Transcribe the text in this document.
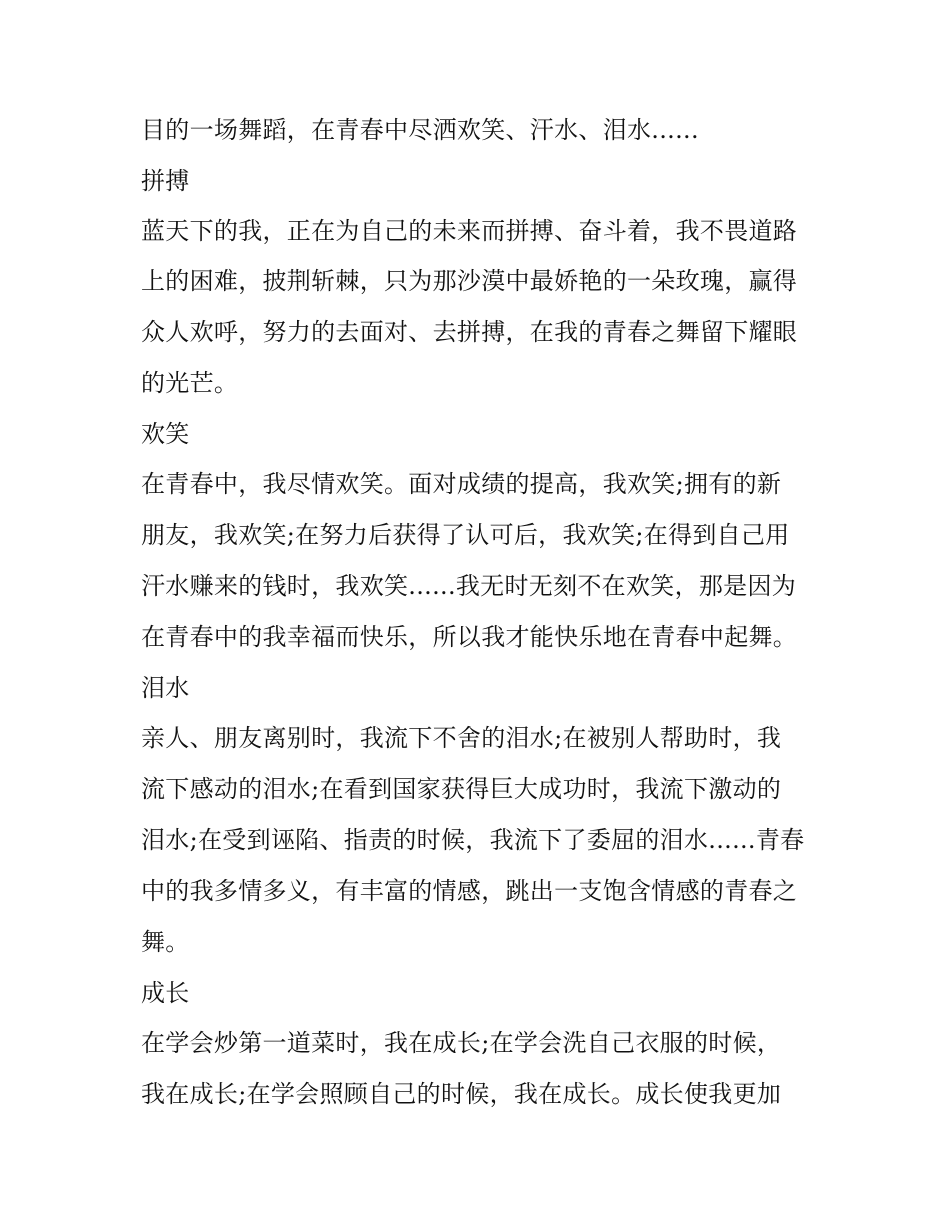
目的一场舞蹈，在青春中尽洒欢笑、汗水、泪水......
拼搏
蓝天下的我，正在为自己的未来而拼搏、奋斗着，我不畏道路
上的困难，披荆斩棘，只为那沙漠中最娇艳的一朵玫瑰，赢得
众人欢呼，努力的去面对、去拼搏，在我的青春之舞留下耀眼
的光芒。
欢笑
在青春中，我尽情欢笑。面对成绩的提高，我欢笑;拥有的新
朋友，我欢笑;在努力后获得了认可后，我欢笑;在得到自己用
汗水赚来的钱时，我欢笑......我无时无刻不在欢笑，那是因为
在青春中的我幸福而快乐，所以我才能快乐地在青春中起舞。
泪水
亲人、朋友离别时，我流下不舍的泪水;在被别人帮助时，我
流下感动的泪水;在看到国家获得巨大成功时，我流下激动的
泪水;在受到诬陷、指责的时候，我流下了委屈的泪水......青春
中的我多情多义，有丰富的情感，跳出一支饱含情感的青春之
舞。
成长
在学会炒第一道菜时，我在成长;在学会洗自己衣服的时候，
我在成长;在学会照顾自己的时候，我在成长。成长使我更加
